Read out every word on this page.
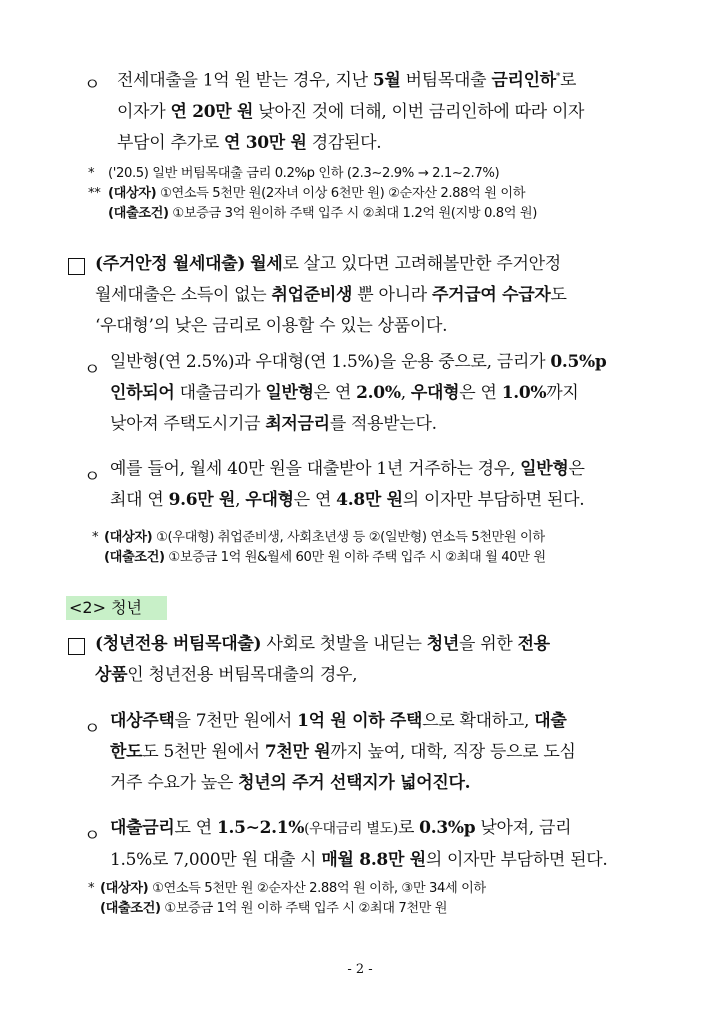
ㅇ 전세대출을 1억 원 받는 경우, 지난 5월 버팀목대출 금리인하*로
이자가 연 20만 원 낮아진 것에 더해, 이번 금리인하에 따라 이자
부담이 추가로 연 30만 원 경감된다.
* ('20.5) 일반 버팀목대출 금리 0.2%p 인하 (2.3∼2.9% → 2.1∼2.7%)
** (대상자) ①연소득 5천만 원(2자녀 이상 6천만 원) ②순자산 2.88억 원 이하
(대출조건) ①보증금 3억 원이하 주택 입주 시 ②최대 1.2억 원(지방 0.8억 원)
(주거안정 월세대출) 월세로 살고 있다면 고려해볼만한 주거안정
월세대출은 소득이 없는 취업준비생 뿐 아니라 주거급여 수급자도
‘우대형’의 낮은 금리로 이용할 수 있는 상품이다.
ㅇ 일반형(연 2.5%)과 우대형(연 1.5%)을 운용 중으로, 금리가 0.5%p
인하되어 대출금리가 일반형은 연 2.0%, 우대형은 연 1.0%까지
낮아져 주택도시기금 최저금리를 적용받는다.
ㅇ 예를 들어, 월세 40만 원을 대출받아 1년 거주하는 경우, 일반형은
최대 연 9.6만 원, 우대형은 연 4.8만 원의 이자만 부담하면 된다.
* (대상자) ①(우대형) 취업준비생, 사회초년생 등 ②(일반형) 연소득 5천만원 이하
(대출조건) ①보증금 1억 원&월세 60만 원 이하 주택 입주 시 ②최대 월 40만 원
<2> 청년
(청년전용 버팀목대출) 사회로 첫발을 내딛는 청년을 위한 전용
상품인 청년전용 버팀목대출의 경우,
ㅇ 대상주택을 7천만 원에서 1억 원 이하 주택으로 확대하고, 대출
한도도 5천만 원에서 7천만 원까지 높여, 대학, 직장 등으로 도심
거주 수요가 높은 청년의 주거 선택지가 넓어진다.
ㅇ 대출금리도 연 1.5∼2.1%(우대금리 별도)로 0.3%p 낮아져, 금리
1.5%로 7,000만 원 대출 시 매월 8.8만 원의 이자만 부담하면 된다.
* (대상자) ①연소득 5천만 원 ②순자산 2.88억 원 이하, ③만 34세 이하
(대출조건) ①보증금 1억 원 이하 주택 입주 시 ②최대 7천만 원
- 2 -
